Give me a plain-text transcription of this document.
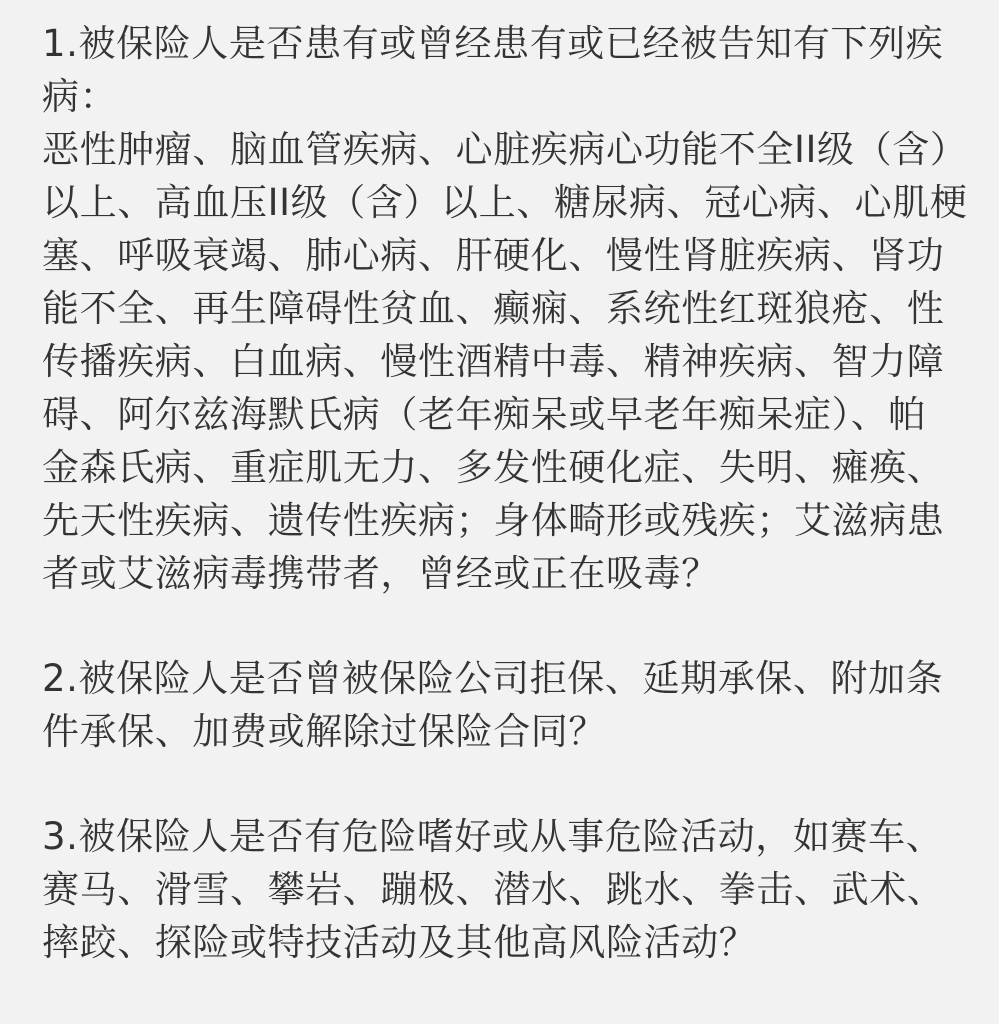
1.被保险人是否患有或曾经患有或已经被告知有下列疾
病：
恶性肿瘤、脑血管疾病、心脏疾病心功能不全II级（含）
以上、高血压II级（含）以上、糖尿病、冠心病、心肌梗
塞、呼吸衰竭、肺心病、肝硬化、慢性肾脏疾病、肾功
能不全、再生障碍性贫血、癫痫、系统性红斑狼疮、性
传播疾病、白血病、慢性酒精中毒、精神疾病、智力障
碍、阿尔兹海默氏病（老年痴呆或早老年痴呆症）、帕
金森氏病、重症肌无力、多发性硬化症、失明、瘫痪、
先天性疾病、遗传性疾病；身体畸形或残疾；艾滋病患
者或艾滋病毒携带者，曾经或正在吸毒？

2.被保险人是否曾被保险公司拒保、延期承保、附加条
件承保、加费或解除过保险合同？

3.被保险人是否有危险嗜好或从事危险活动，如赛车、
赛马、滑雪、攀岩、蹦极、潜水、跳水、拳击、武术、
摔跤、探险或特技活动及其他高风险活动？
